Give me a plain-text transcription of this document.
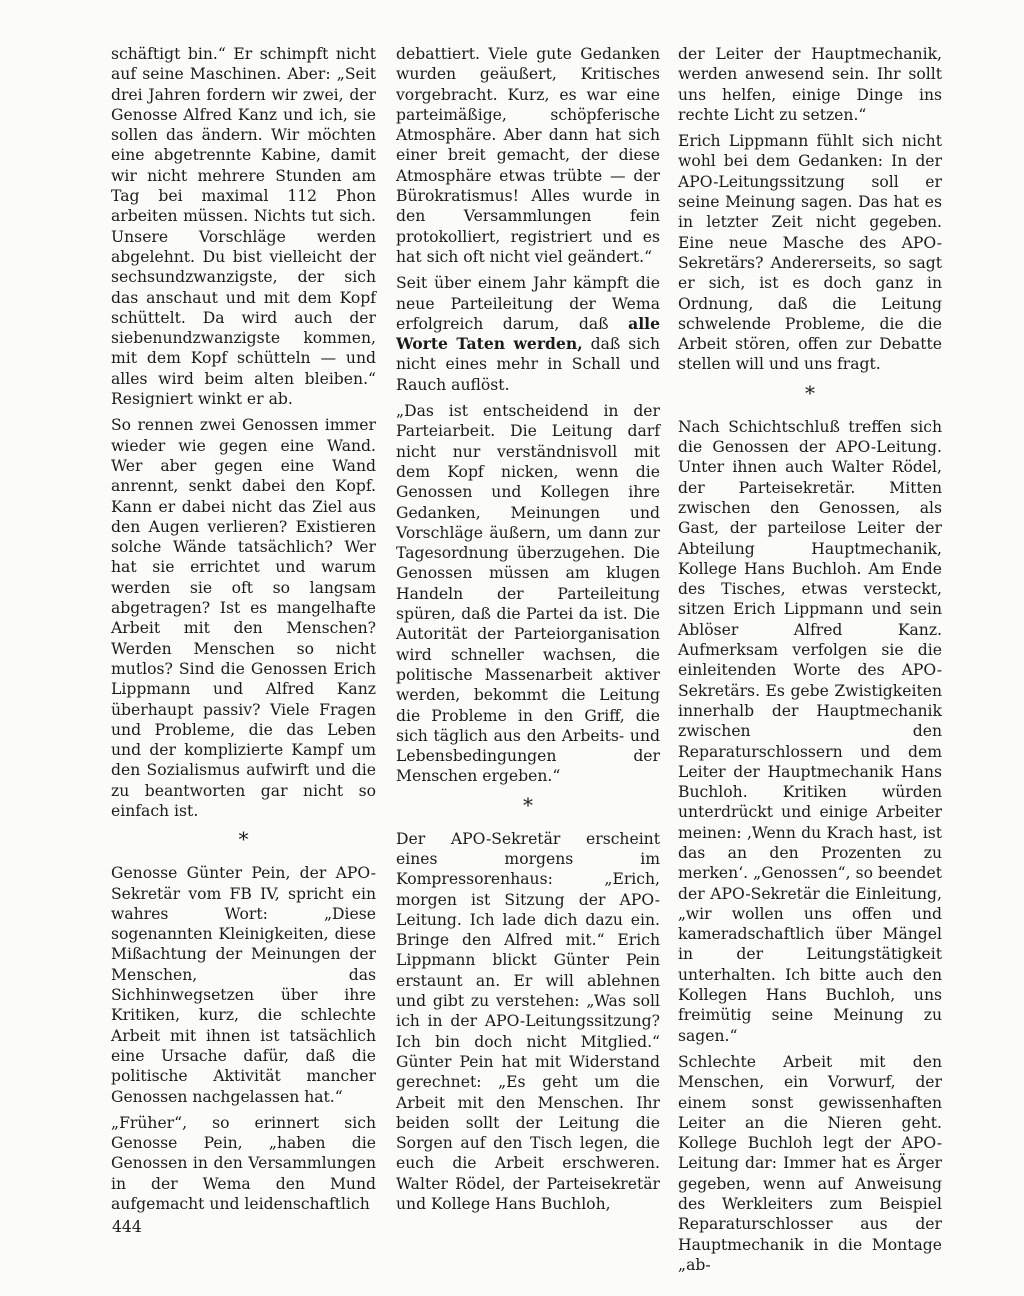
schäftigt bin.“ Er schimpft nicht auf seine Maschinen. Aber: „Seit drei Jahren fordern wir zwei, der Genosse Alfred Kanz und ich, sie sollen das ändern. Wir möchten eine abgetrennte Kabine, damit wir nicht mehrere Stunden am Tag bei maximal 112 Phon arbeiten müssen. Nichts tut sich. Unsere Vorschläge werden abgelehnt. Du bist vielleicht der sechsundzwanzigste, der sich das anschaut und mit dem Kopf schüttelt. Da wird auch der siebenundzwanzigste kommen, mit dem Kopf schütteln — und alles wird beim alten bleiben.“ Resigniert winkt er ab.

So rennen zwei Genossen immer wieder wie gegen eine Wand. Wer aber gegen eine Wand anrennt, senkt dabei den Kopf. Kann er dabei nicht das Ziel aus den Augen verlieren? Existieren solche Wände tatsächlich? Wer hat sie errichtet und warum werden sie oft so langsam abgetragen? Ist es mangelhafte Arbeit mit den Menschen? Werden Menschen so nicht mutlos? Sind die Genossen Erich Lippmann und Alfred Kanz überhaupt passiv? Viele Fragen und Probleme, die das Leben und der komplizierte Kampf um den Sozialismus aufwirft und die zu beantworten gar nicht so einfach ist.

*

Genosse Günter Pein, der APO-Sekretär vom FB IV, spricht ein wahres Wort: „Diese sogenannten Kleinigkeiten, diese Mißachtung der Meinungen der Menschen, das Sichhinwegsetzen über ihre Kritiken, kurz, die schlechte Arbeit mit ihnen ist tatsächlich eine Ursache dafür, daß die politische Aktivität mancher Genossen nachgelassen hat.“

„Früher“, so erinnert sich Genosse Pein, „haben die Genossen in den Versammlungen in der Wema den Mund aufgemacht und leidenschaftlich

debattiert. Viele gute Gedanken wurden geäußert, Kritisches vorgebracht. Kurz, es war eine parteimäßige, schöpferische Atmosphäre. Aber dann hat sich einer breit gemacht, der diese Atmosphäre etwas trübte — der Bürokratismus! Alles wurde in den Versammlungen fein protokolliert, registriert und es hat sich oft nicht viel geändert.“

Seit über einem Jahr kämpft die neue Parteileitung der Wema erfolgreich darum, daß alle Worte Taten werden, daß sich nicht eines mehr in Schall und Rauch auflöst.

„Das ist entscheidend in der Parteiarbeit. Die Leitung darf nicht nur verständnisvoll mit dem Kopf nicken, wenn die Genossen und Kollegen ihre Gedanken, Meinungen und Vorschläge äußern, um dann zur Tagesordnung überzugehen. Die Genossen müssen am klugen Handeln der Parteileitung spüren, daß die Partei da ist. Die Autorität der Parteiorganisation wird schneller wachsen, die politische Massenarbeit aktiver werden, bekommt die Leitung die Probleme in den Griff, die sich täglich aus den Arbeits- und Lebensbedingungen der Menschen ergeben.“

*

Der APO-Sekretär erscheint eines morgens im Kompressorenhaus: „Erich, morgen ist Sitzung der APO-Leitung. Ich lade dich dazu ein. Bringe den Alfred mit.“ Erich Lippmann blickt Günter Pein erstaunt an. Er will ablehnen und gibt zu verstehen: „Was soll ich in der APO-Leitungssitzung? Ich bin doch nicht Mitglied.“ Günter Pein hat mit Widerstand gerechnet: „Es geht um die Arbeit mit den Menschen. Ihr beiden sollt der Leitung die Sorgen auf den Tisch legen, die euch die Arbeit erschweren. Walter Rödel, der Parteisekretär und Kollege Hans Buchloh,

der Leiter der Hauptmechanik, werden anwesend sein. Ihr sollt uns helfen, einige Dinge ins rechte Licht zu setzen.“

Erich Lippmann fühlt sich nicht wohl bei dem Gedanken: In der APO-Leitungssitzung soll er seine Meinung sagen. Das hat es in letzter Zeit nicht gegeben. Eine neue Masche des APO-Sekretärs? Andererseits, so sagt er sich, ist es doch ganz in Ordnung, daß die Leitung schwelende Probleme, die die Arbeit stören, offen zur Debatte stellen will und uns fragt.

*

Nach Schichtschluß treffen sich die Genossen der APO-Leitung. Unter ihnen auch Walter Rödel, der Parteisekretär. Mitten zwischen den Genossen, als Gast, der parteilose Leiter der Abteilung Hauptmechanik, Kollege Hans Buchloh. Am Ende des Tisches, etwas versteckt, sitzen Erich Lippmann und sein Ablöser Alfred Kanz. Aufmerksam verfolgen sie die einleitenden Worte des APO-Sekretärs. Es gebe Zwistigkeiten innerhalb der Hauptmechanik zwischen den Reparaturschlossern und dem Leiter der Hauptmechanik Hans Buchloh. Kritiken würden unterdrückt und einige Arbeiter meinen: ‚Wenn du Krach hast, ist das an den Prozenten zu merken‘. „Genossen“, so beendet der APO-Sekretär die Einleitung, „wir wollen uns offen und kameradschaftlich über Mängel in der Leitungstätigkeit unterhalten. Ich bitte auch den Kollegen Hans Buchloh, uns freimütig seine Meinung zu sagen.“

Schlechte Arbeit mit den Menschen, ein Vorwurf, der einem sonst gewissenhaften Leiter an die Nieren geht. Kollege Buchloh legt der APO-Leitung dar: Immer hat es Ärger gegeben, wenn auf Anweisung des Werkleiters zum Beispiel Reparaturschlosser aus der Hauptmechanik in die Montage „ab-

444
